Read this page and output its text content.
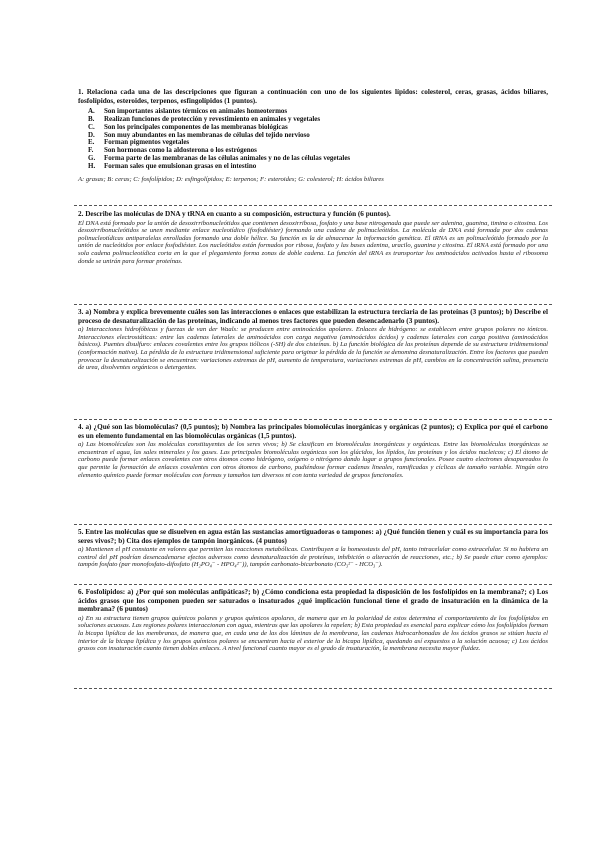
1. Relaciona cada una de las descripciones que figuran a continuación con uno de los siguientes lípidos: colesterol, ceras, grasas, ácidos biliares, fosfolípidos, esteroides, terpenos, esfingolípidos (1 puntos).

A.	Son importantes aislantes térmicos en animales homeotermos
B.	Realizan funciones de protección y revestimiento en animales y vegetales
C.	Son los principales componentes de las membranas biológicas
D.	Son muy abundantes en las membranas de células del tejido nervioso
E.	Forman pigmentos vegetales
F.	Son hormonas como la aldosterona o los estrógenos
G.	Forma parte de las membranas de las células animales y no de las células vegetales
H.	Forman sales que emulsionan grasas en el intestino

A: grasas; B: ceras; C: fosfolípidos; D: esfingolípidos; E: terpenos; F: esteroides; G: colesterol; H: ácidos biliares

2. Describe las moléculas de DNA y tRNA en cuanto a su composición, estructura y función (6 puntos).

El DNA está formado por la unión de desoxirribonucleótidos que contienen desoxirribosa, fosfato y una base nitrogenada que puede ser adenina, guanina, timina o citosina. Los desoxirribonucleótidos se unen mediante enlace nucleotídico (fosfodiéster) formando una cadena de polinucleótidos. La molécula de DNA está formada por dos cadenas polinucleotídicas antiparalelas enrolladas formando una doble hélice. Su función es la de almacenar la información genética. El tRNA es un polinucleótido formado por la unión de nucleótidos por enlace fosfodiéster. Los nucleótidos están formados por ribosa, fosfato y las bases adenina, uracilo, guanina y citosina. El tRNA está formado por una sola cadena polinucleotídica corta en la que el plegamiento forma zonas de doble cadena. La función del tRNA es transportar los aminoácidos activados hasta el ribosoma donde se unirán para formar proteínas.

3. a) Nombra y explica brevemente cuáles son las interacciones o enlaces que estabilizan la estructura terciaria de las proteínas (3 puntos); b) Describe el proceso de desnaturalización de las proteínas, indicando al menos tres factores que pueden desencadenarlo (3 puntos).

a) Interacciones hidrofóbicas y fuerzas de van der Waals: se producen entre aminoácidos apolares. Enlaces de hidrógeno: se establecen entre grupos polares no iónicos. Interacciones electrostáticas: entre las cadenas laterales de aminoácidos con carga negativa (aminoácidos ácidos) y cadenas laterales con carga positiva (aminoácidos básicos). Puentes disulfuro: enlaces covalentes entre los grupos tiólicos (-SH) de dos cisteínas. b) La función biológica de las proteínas depende de su estructura tridimensional (conformación nativa). La pérdida de la estructura tridimensional suficiente para originar la pérdida de la función se denomina desnaturalización. Entre los factores que pueden provocar la desnaturalización se encuentran: variaciones extremas de pH, aumento de temperatura, variaciones extremas de pH, cambios en la concentración salina, presencia de urea, disolventes orgánicos o detergentes.

4. a) ¿Qué son las biomoléculas? (0,5 puntos); b) Nombra las principales biomoléculas inorgánicas y orgánicas (2 puntos); c) Explica por qué el carbono es un elemento fundamental en las biomoléculas orgánicas (1,5 puntos).

a) Las biomoléculas son las moléculas constituyentes de los seres vivos; b) Se clasifican en biomoléculas inorgánicas y orgánicas. Entre las biomoléculas inorgánicas se encuentran el agua, las sales minerales y los gases. Las principales biomoléculas orgánicas son los glúcidos, los lípidos, las proteínas y los ácidos nucleicos; c) El átomo de carbono puede formar enlaces covalentes con otros átomos como hidrógeno, oxígeno o nitrógeno dando lugar a grupos funcionales. Posee cuatro electrones desapareados lo que permite la formación de enlaces covalentes con otros átomos de carbono, pudiéndose formar cadenas lineales, ramificadas y cíclicas de tamaño variable. Ningún otro elemento químico puede formar moléculas con formas y tamaños tan diversos ni con tanta variedad de grupos funcionales.

5. Entre las moléculas que se disuelven en agua están las sustancias amortiguadoras o tampones: a) ¿Qué función tienen y cuál es su importancia para los seres vivos?; b) Cita dos ejemplos de tampón inorgánicos. (4 puntos)

a) Mantienen el pH constante en valores que permiten las reacciones metabólicas. Contribuyen a la homeostasis del pH, tanto intracelular como extracelular. Si no hubiera un control del pH podrían desencadenarse efectos adversos como desnaturalización de proteínas, inhibición o alteración de reacciones, etc.; b) Se puede citar como ejemplos: tampón fosfato (par monofosfato-difosfato (H₂PO₄⁻ - HPO₄²⁻)), tampón carbonato-bicarbonato (CO₃²⁻ - HCO₃⁻).

6. Fosfolípidos: a) ¿Por qué son moléculas anfipáticas?; b) ¿Cómo condiciona esta propiedad la disposición de los fosfolípidos en la membrana?; c) Los ácidos grasos que los componen pueden ser saturados o insaturados ¿qué implicación funcional tiene el grado de insaturación en la dinámica de la membrana? (6 puntos)

a) En su estructura tienen grupos químicos polares y grupos químicos apolares, de manera que en la polaridad de estos determina el comportamiento de los fosfolípidos en soluciones acuosas. Las regiones polares interaccionan con agua, mientras que las apolares la repelen; b) Esta propiedad es esencial para explicar cómo los fosfolípidos forman la bicapa lipídica de las membranas, de manera que, en cada una de las dos láminas de la membrana, las cadenas hidrocarbonadas de los ácidos grasos se sitúan hacia el interior de la bicapa lipídica y los grupos químicos polares se encuentran hacia el exterior de la bicapa lipídica, quedando así expuestos a la solución acuosa; c) Los ácidos grasos con insaturación cuanto tienen dobles enlaces. A nivel funcional cuanto mayor es el grado de insaturación, la membrana necesita mayor fluidez.
